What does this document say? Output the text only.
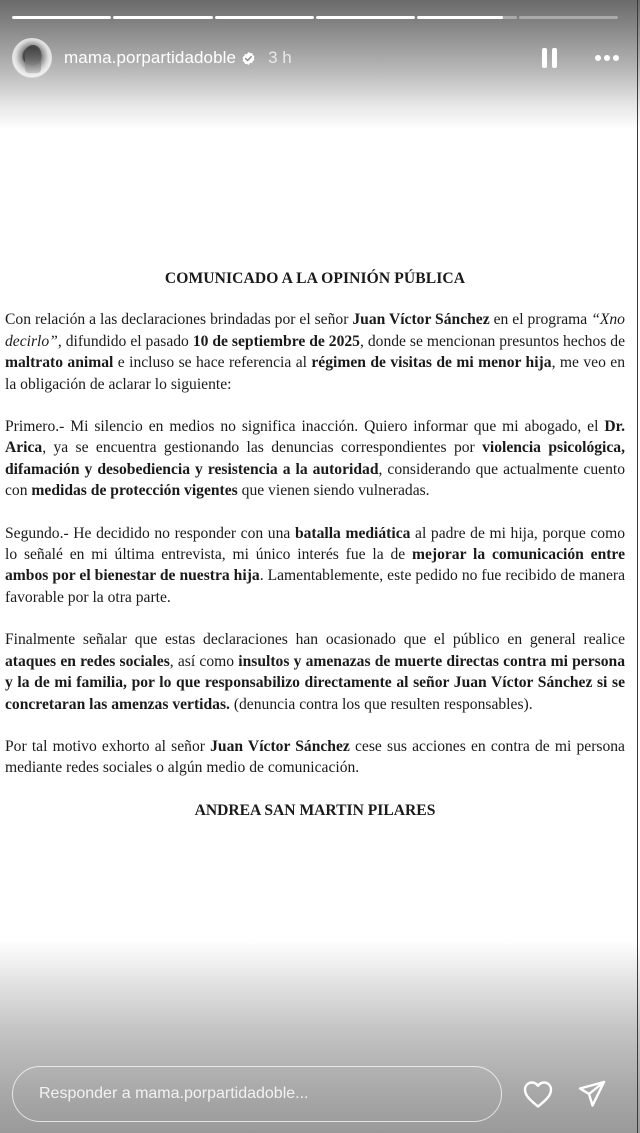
mama.porpartidadoble 3 h
COMUNICADO A LA OPINIÓN PÚBLICA

Con relación a las declaraciones brindadas por el señor Juan Víctor Sánchez en el programa “Xno decirlo”, difundido el pasado 10 de septiembre de 2025, donde se mencionan presuntos hechos de maltrato animal e incluso se hace referencia al régimen de visitas de mi menor hija, me veo en la obligación de aclarar lo siguiente:

Primero.- Mi silencio en medios no significa inacción. Quiero informar que mi abogado, el Dr. Arica, ya se encuentra gestionando las denuncias correspondientes por violencia psicológica, difamación y desobediencia y resistencia a la autoridad, considerando que actualmente cuento con medidas de protección vigentes que vienen siendo vulneradas.

Segundo.- He decidido no responder con una batalla mediática al padre de mi hija, porque como lo señalé en mi última entrevista, mi único interés fue la de mejorar la comunicación entre ambos por el bienestar de nuestra hija. Lamentablemente, este pedido no fue recibido de manera favorable por la otra parte.

Finalmente señalar que estas declaraciones han ocasionado que el público en general realice ataques en redes sociales, así como insultos y amenazas de muerte directas contra mi persona y la de mi familia, por lo que responsabilizo directamente al señor Juan Víctor Sánchez si se concretaran las amenzas vertidas. (denuncia contra los que resulten responsables).

Por tal motivo exhorto al señor Juan Víctor Sánchez cese sus acciones en contra de mi persona mediante redes sociales o algún medio de comunicación.

ANDREA SAN MARTIN PILARES
Responder a mama.porpartidadoble...
